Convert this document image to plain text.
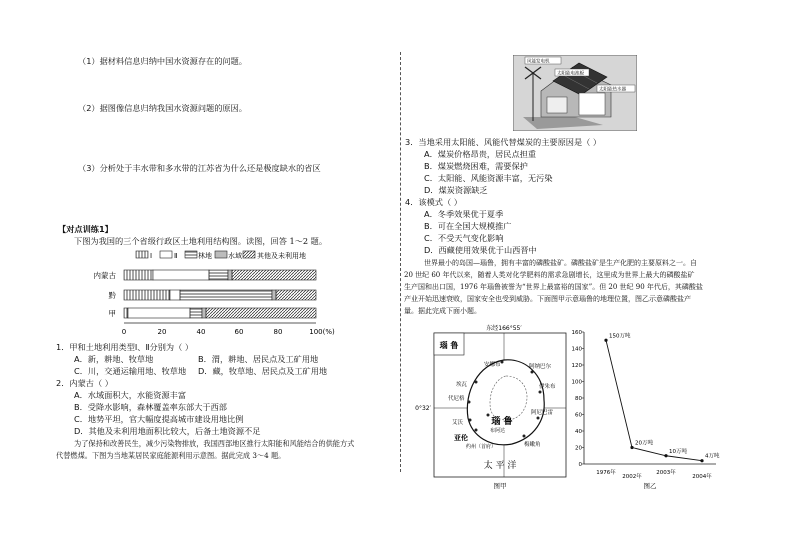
（1）据材料信息归纳中国水资源存在的问题。
（2）据图像信息归纳我国水资源问题的原因。
（3）分析处于丰水带和多水带的江苏省为什么还是极度缺水的省区
【对点训练1】
下图为我国的三个省级行政区土地利用结构图。读图，回答 1～2 题。
Ⅰ	Ⅱ	林地 水域 其他及未利用地
内蒙古
黔
甲
0	20	40	60	80	100(%)
1．甲和土地利用类型Ⅰ、Ⅱ分别为（ ）
A．新，耕地、牧草地	B．渭，耕地、居民点及工矿用地
C．川，交通运输用地、牧草地 D．藏，牧草地、居民点及工矿用地
2．内蒙古（ ）
A．水域面积大，水能资源丰富
B．受降水影响，森林覆盖率东部大于西部
C．地势平坦，官大幅度提高城市建设用地比例
D．其他及未利用地面积比较大，后备土地资源不足
为了保持和改善民生，减少污染物排放，我国西部地区推行太阳能和风能结合的供能方式
代替燃煤。下图为当地某居民家庭能源利用示意图。据此完成 3～4 题。
风能发电机
太阳能电池板
太阳能热水器
3．当地采用太阳能、风能代替煤炭的主要原因是（ ）
A．煤炭价格昂贵，居民点担重
B．煤炭燃烧困难，需要保护
C．太阳能、风能资源丰富，无污染
D．煤炭资源缺乏
4．该模式（ ）
A．冬季效果优于夏季
B．可在全国大规模推广
C．不受天气变化影响
D．西藏使用效果优于山西晋中
世界最小的岛国—瑙鲁，拥有丰富的磷酸盐矿。磷酸盐矿是生产化肥的主要原料之一。自
20 世纪 60 年代以来，随着人类对化学肥料的需求急剧增长，这里成为世界上最大的磷酸盐矿
生产国和出口国，1976 年瑙鲁被誉为“世界上最富裕的国家”。但 20 世纪 90 年代后，其磷酸盐
产业开始迅速衰败，国家安全也受到威胁。下面图甲示意瑙鲁的地理位置，图乙示意磷酸盐产
量。据此完成下面小题。
东经166°55′
瑙 鲁
0°32′
安娜布	阿纳巴尔
埃瓦	伊朱布
代尼格
艾沃
阿尼巴雷
布阿达
亚伦
梅嫩角
约州（首府）
瑙 鲁
太 平 洋
图甲
0
20
40
60
80
100
120
140
160
1976年
2002年
2003年
2004年
150万吨
20万吨
10万吨
4万吨
图乙
